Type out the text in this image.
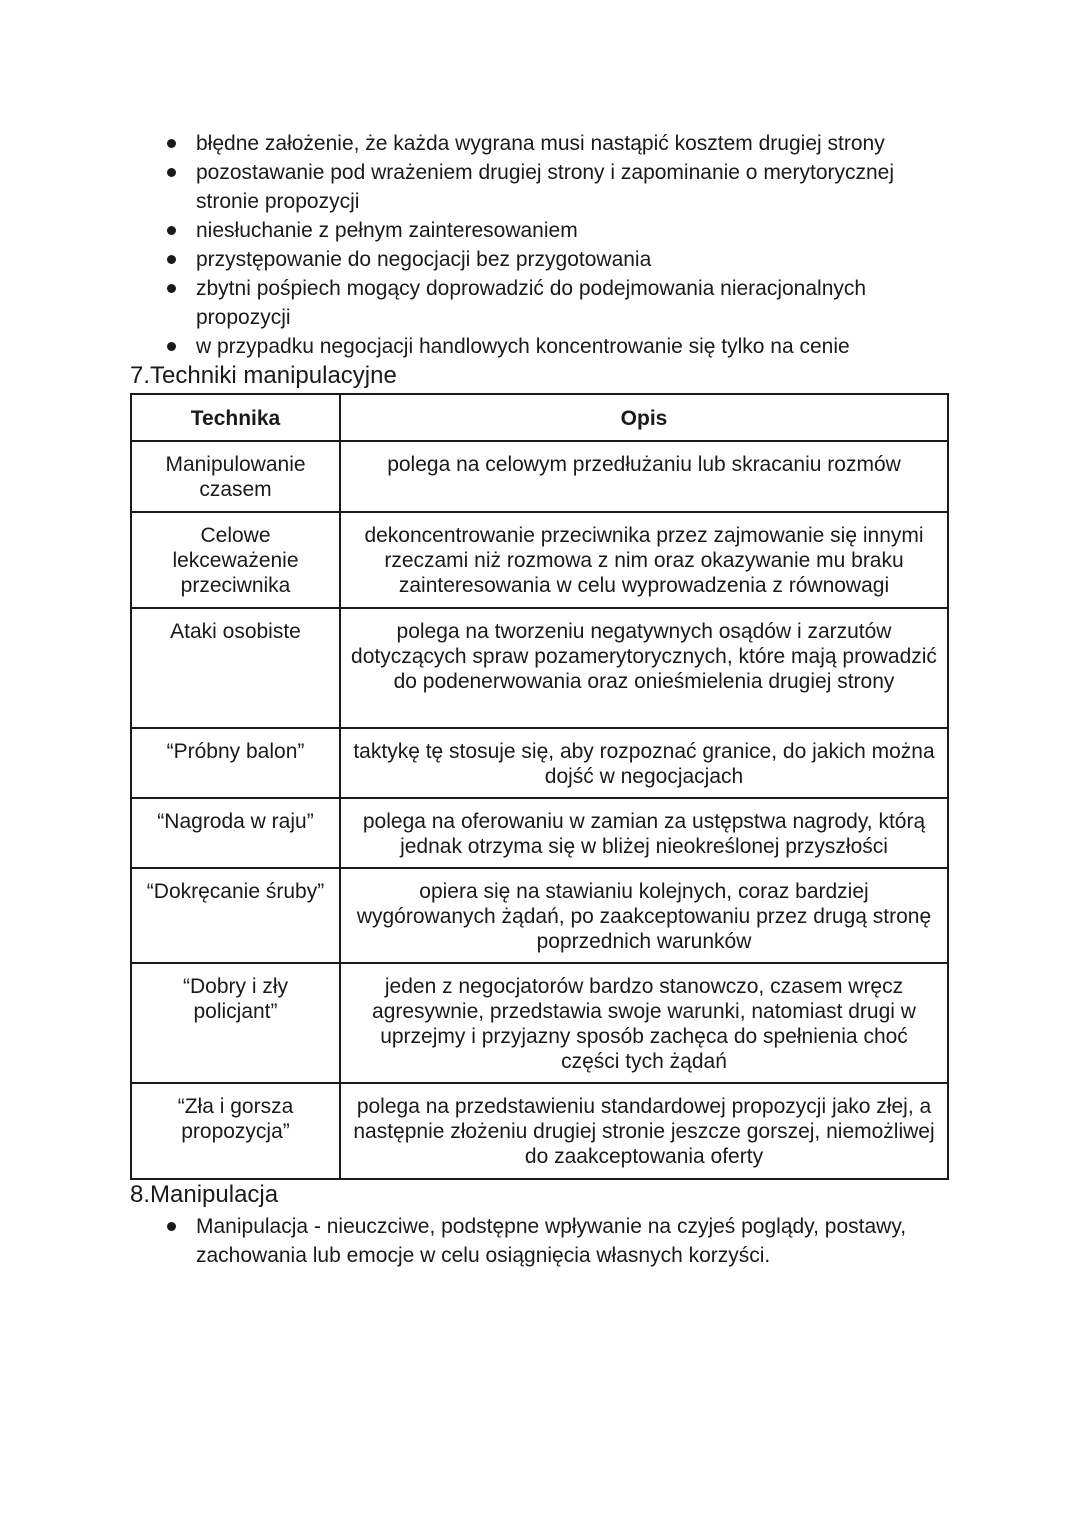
błędne założenie, że każda wygrana musi nastąpić kosztem drugiej strony
pozostawanie pod wrażeniem drugiej strony i zapominanie o merytorycznej stronie propozycji
niesłuchanie z pełnym zainteresowaniem
przystępowanie do negocjacji bez przygotowania
zbytni pośpiech mogący doprowadzić do podejmowania nieracjonalnych propozycji
w przypadku negocjacji handlowych koncentrowanie się tylko na cenie
7.Techniki manipulacyjne
Technika	Opis
Manipulowanie czasem	polega na celowym przedłużaniu lub skracaniu rozmów
Celowe lekceważenie przeciwnika	dekoncentrowanie przeciwnika przez zajmowanie się innymi rzeczami niż rozmowa z nim oraz okazywanie mu braku zainteresowania w celu wyprowadzenia z równowagi
Ataki osobiste	polega na tworzeniu negatywnych osądów i zarzutów dotyczących spraw pozamerytorycznych, które mają prowadzić do podenerwowania oraz onieśmielenia drugiej strony
“Próbny balon”	taktykę tę stosuje się, aby rozpoznać granice, do jakich można dojść w negocjacjach
“Nagroda w raju”	polega na oferowaniu w zamian za ustępstwa nagrody, którą jednak otrzyma się w bliżej nieokreślonej przyszłości
“Dokręcanie śruby”	opiera się na stawianiu kolejnych, coraz bardziej wygórowanych żądań, po zaakceptowaniu przez drugą stronę poprzednich warunków
“Dobry i zły policjant”	jeden z negocjatorów bardzo stanowczo, czasem wręcz agresywnie, przedstawia swoje warunki, natomiast drugi w uprzejmy i przyjazny sposób zachęca do spełnienia choć części tych żądań
“Zła i gorsza propozycja”	polega na przedstawieniu standardowej propozycji jako złej, a następnie złożeniu drugiej stronie jeszcze gorszej, niemożliwej do zaakceptowania oferty
8.Manipulacja
Manipulacja - nieuczciwe, podstępne wpływanie na czyjeś poglądy, postawy, zachowania lub emocje w celu osiągnięcia własnych korzyści.
